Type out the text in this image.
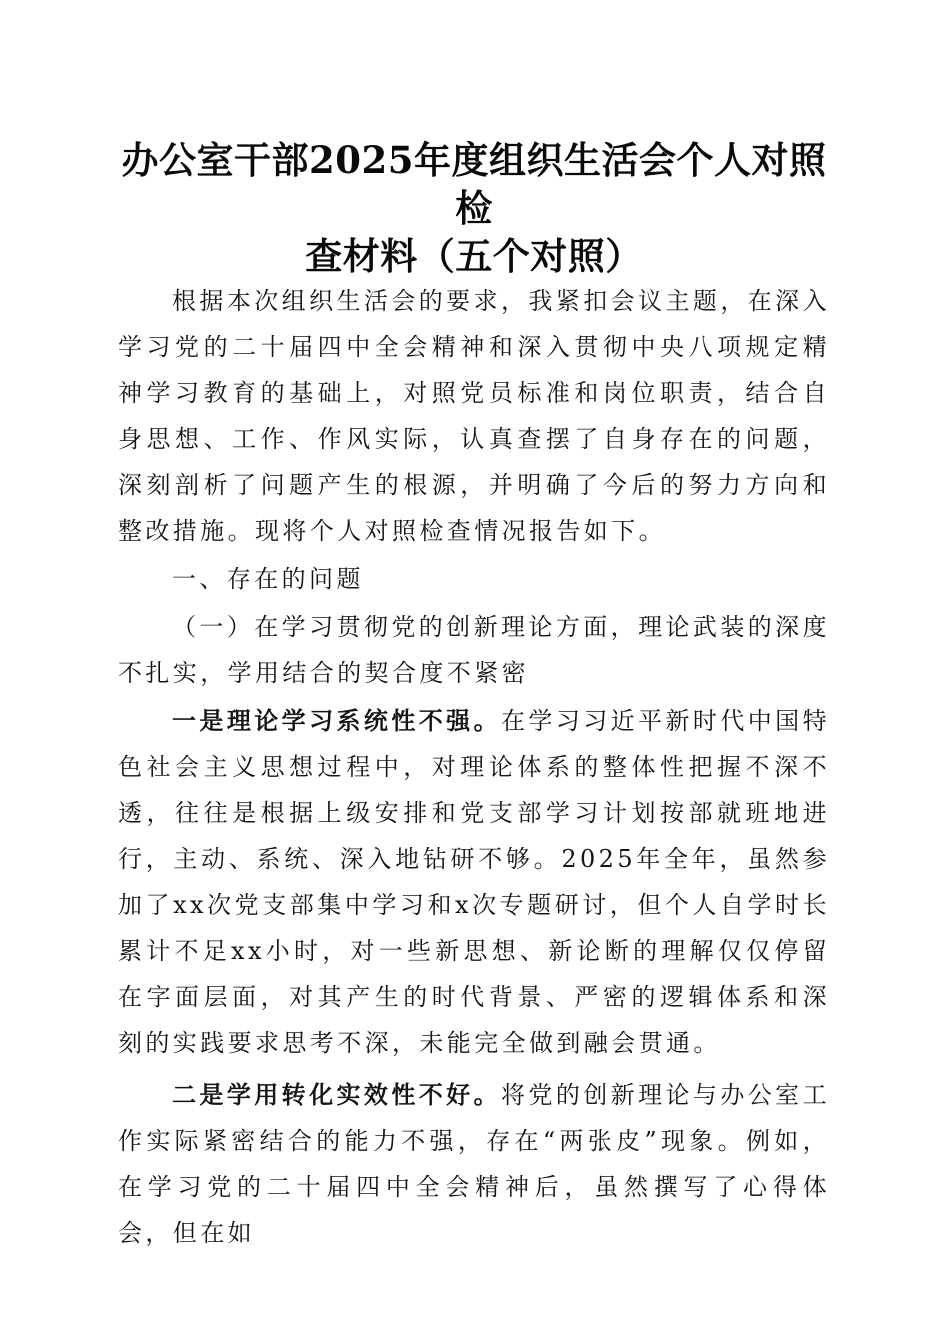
办公室干部2025年度组织生活会个人对照检
查材料（五个对照）

根据本次组织生活会的要求，我紧扣会议主题，在深入学习党的二十届四中全会精神和深入贯彻中央八项规定精神学习教育的基础上，对照党员标准和岗位职责，结合自身思想、工作、作风实际，认真查摆了自身存在的问题，深刻剖析了问题产生的根源，并明确了今后的努力方向和整改措施。现将个人对照检查情况报告如下。

一、存在的问题

（一）在学习贯彻党的创新理论方面，理论武装的深度不扎实，学用结合的契合度不紧密

一是理论学习系统性不强。在学习习近平新时代中国特色社会主义思想过程中，对理论体系的整体性把握不深不透，往往是根据上级安排和党支部学习计划按部就班地进行，主动、系统、深入地钻研不够。2025年全年，虽然参加了xx次党支部集中学习和x次专题研讨，但个人自学时长累计不足xx小时，对一些新思想、新论断的理解仅仅停留在字面层面，对其产生的时代背景、严密的逻辑体系和深刻的实践要求思考不深，未能完全做到融会贯通。

二是学用转化实效性不好。将党的创新理论与办公室工作实际紧密结合的能力不强，存在“两张皮”现象。例如，在学习党的二十届四中全会精神后，虽然撰写了心得体会，但在如
